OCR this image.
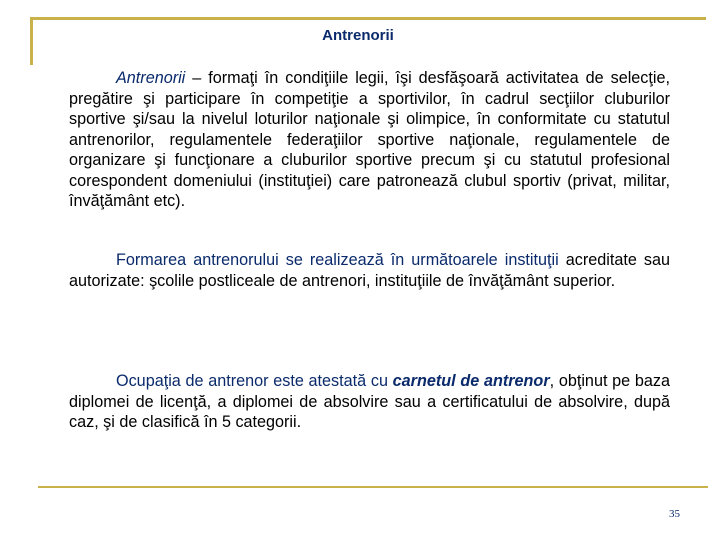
Antrenorii

Antrenorii – formaţi în condiţiile legii, îşi desfăşoară activitatea de selecţie, pregătire şi participare în competiţie a sportivilor, în cadrul secţiilor cluburilor sportive şi/sau la nivelul loturilor naţionale şi olimpice, în conformitate cu statutul antrenorilor, regulamentele federaţiilor sportive naţionale, regulamentele de organizare şi funcţionare a cluburilor sportive precum şi cu statutul profesional corespondent domeniului (instituţiei) care patronează clubul sportiv (privat, militar, învăţământ etc).

Formarea antrenorului se realizează în următoarele instituţii acreditate sau autorizate: şcolile postliceale de antrenori, instituţiile de învăţământ superior.

Ocupaţia de antrenor este atestată cu carnetul de antrenor, obţinut pe baza diplomei de licenţă, a diplomei de absolvire sau a certificatului de absolvire, după caz, şi de clasifică în 5 categorii.

35
